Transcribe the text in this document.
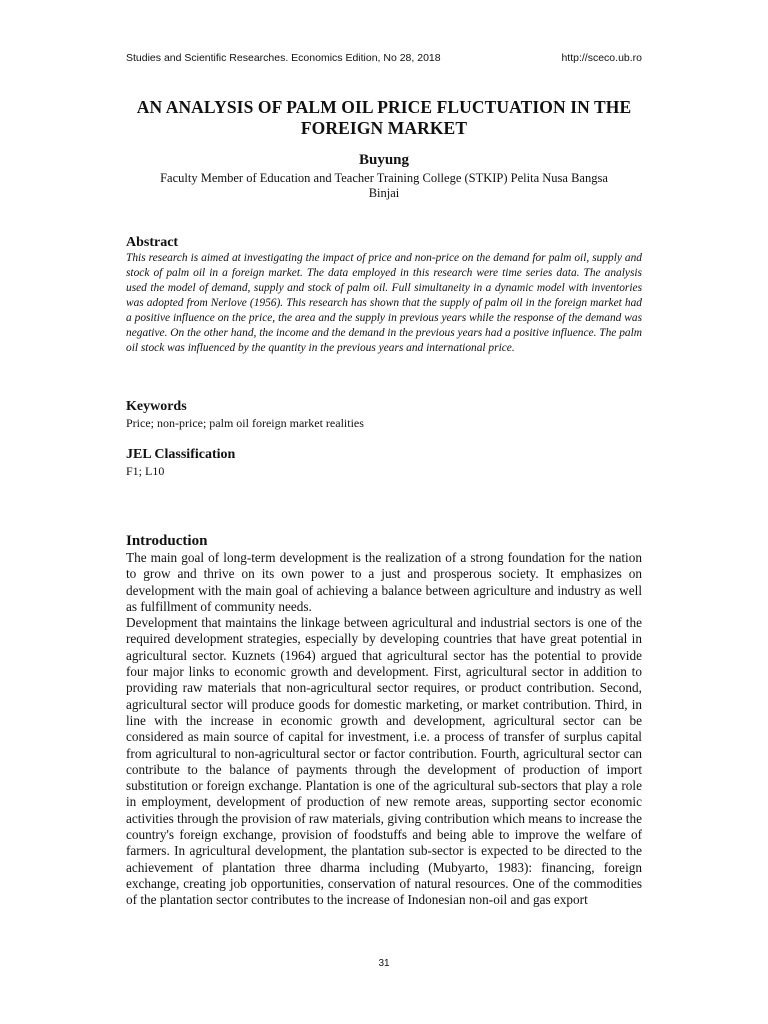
Studies and Scientific Researches. Economics Edition, No 28, 2018	http://sceco.ub.ro
AN ANALYSIS OF PALM OIL PRICE FLUCTUATION IN THE
FOREIGN MARKET
Buyung
Faculty Member of Education and Teacher Training College (STKIP) Pelita Nusa Bangsa
Binjai
Abstract
This research is aimed at investigating the impact of price and non-price on the demand for palm oil, supply and stock of palm oil in a foreign market. The data employed in this research were time series data. The analysis used the model of demand, supply and stock of palm oil. Full simultaneity in a dynamic model with inventories was adopted from Nerlove (1956). This research has shown that the supply of palm oil in the foreign market had a positive influence on the price, the area and the supply in previous years while the response of the demand was negative. On the other hand, the income and the demand in the previous years had a positive influence. The palm oil stock was influenced by the quantity in the previous years and international price.
Keywords
Price; non-price; palm oil foreign market realities
JEL Classification
F1; L10
Introduction

The main goal of long-term development is the realization of a strong foundation for the nation to grow and thrive on its own power to a just and prosperous society. It emphasizes on development with the main goal of achieving a balance between agriculture and industry as well as fulfillment of community needs.

Development that maintains the linkage between agricultural and industrial sectors is one of the required development strategies, especially by developing countries that have great potential in agricultural sector. Kuznets (1964) argued that agricultural sector has the potential to provide four major links to economic growth and development. First, agricultural sector in addition to providing raw materials that non-agricultural sector requires, or product contribution. Second, agricultural sector will produce goods for domestic marketing, or market contribution. Third, in line with the increase in economic growth and development, agricultural sector can be considered as main source of capital for investment, i.e. a process of transfer of surplus capital from agricultural to non-agricultural sector or factor contribution. Fourth, agricultural sector can contribute to the balance of payments through the development of production of import substitution or foreign exchange. Plantation is one of the agricultural sub-sectors that play a role in employment, development of production of new remote areas, supporting sector economic activities through the provision of raw materials, giving contribution which means to increase the country's foreign exchange, provision of foodstuffs and being able to improve the welfare of farmers. In agricultural development, the plantation sub-sector is expected to be directed to the achievement of plantation three dharma including (Mubyarto, 1983): financing, foreign exchange, creating job opportunities, conservation of natural resources. One of the commodities of the plantation sector contributes to the increase of Indonesian non-oil and gas export

31
